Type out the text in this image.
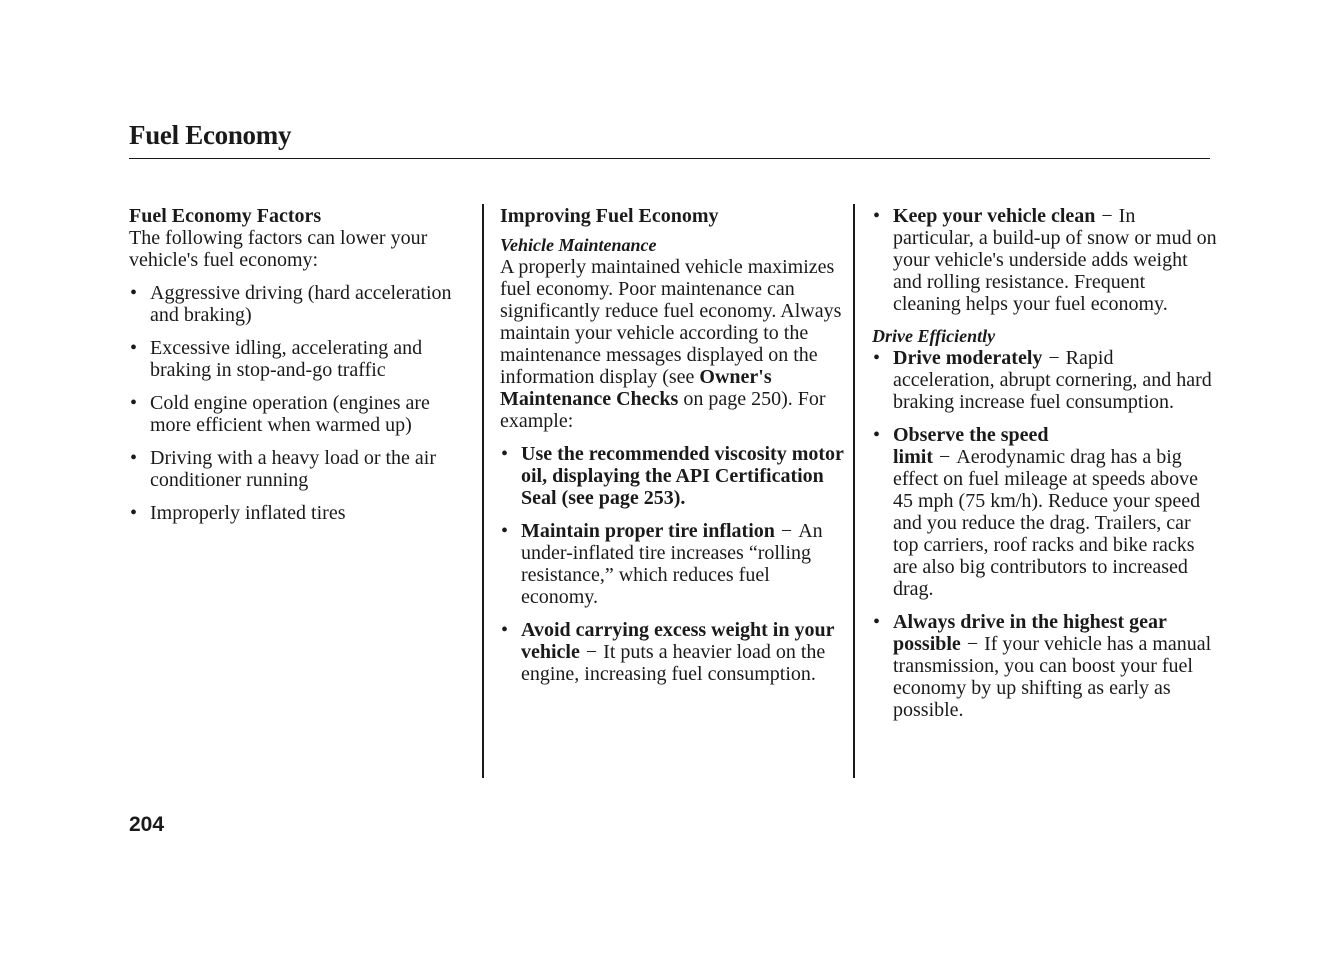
Fuel Economy

Fuel Economy Factors

The following factors can lower your vehicle's fuel economy:

• Aggressive driving (hard acceleration and braking)
• Excessive idling, accelerating and braking in stop-and-go traffic
• Cold engine operation (engines are more efficient when warmed up)
• Driving with a heavy load or the air conditioner running
• Improperly inflated tires

Improving Fuel Economy

Vehicle Maintenance

A properly maintained vehicle maximizes fuel economy. Poor maintenance can significantly reduce fuel economy. Always maintain your vehicle according to the maintenance messages displayed on the information display (see Owner's Maintenance Checks on page 250). For example:

• Use the recommended viscosity motor oil, displaying the API Certification Seal (see page 253).
• Maintain proper tire inflation − An under-inflated tire increases “rolling resistance,” which reduces fuel economy.
• Avoid carrying excess weight in your vehicle − It puts a heavier load on the engine, increasing fuel consumption.
• Keep your vehicle clean − In particular, a build-up of snow or mud on your vehicle's underside adds weight and rolling resistance. Frequent cleaning helps your fuel economy.

Drive Efficiently

• Drive moderately − Rapid acceleration, abrupt cornering, and hard braking increase fuel consumption.
• Observe the speed limit − Aerodynamic drag has a big effect on fuel mileage at speeds above 45 mph (75 km/h). Reduce your speed and you reduce the drag. Trailers, car top carriers, roof racks and bike racks are also big contributors to increased drag.
• Always drive in the highest gear possible − If your vehicle has a manual transmission, you can boost your fuel economy by up shifting as early as possible.
204
